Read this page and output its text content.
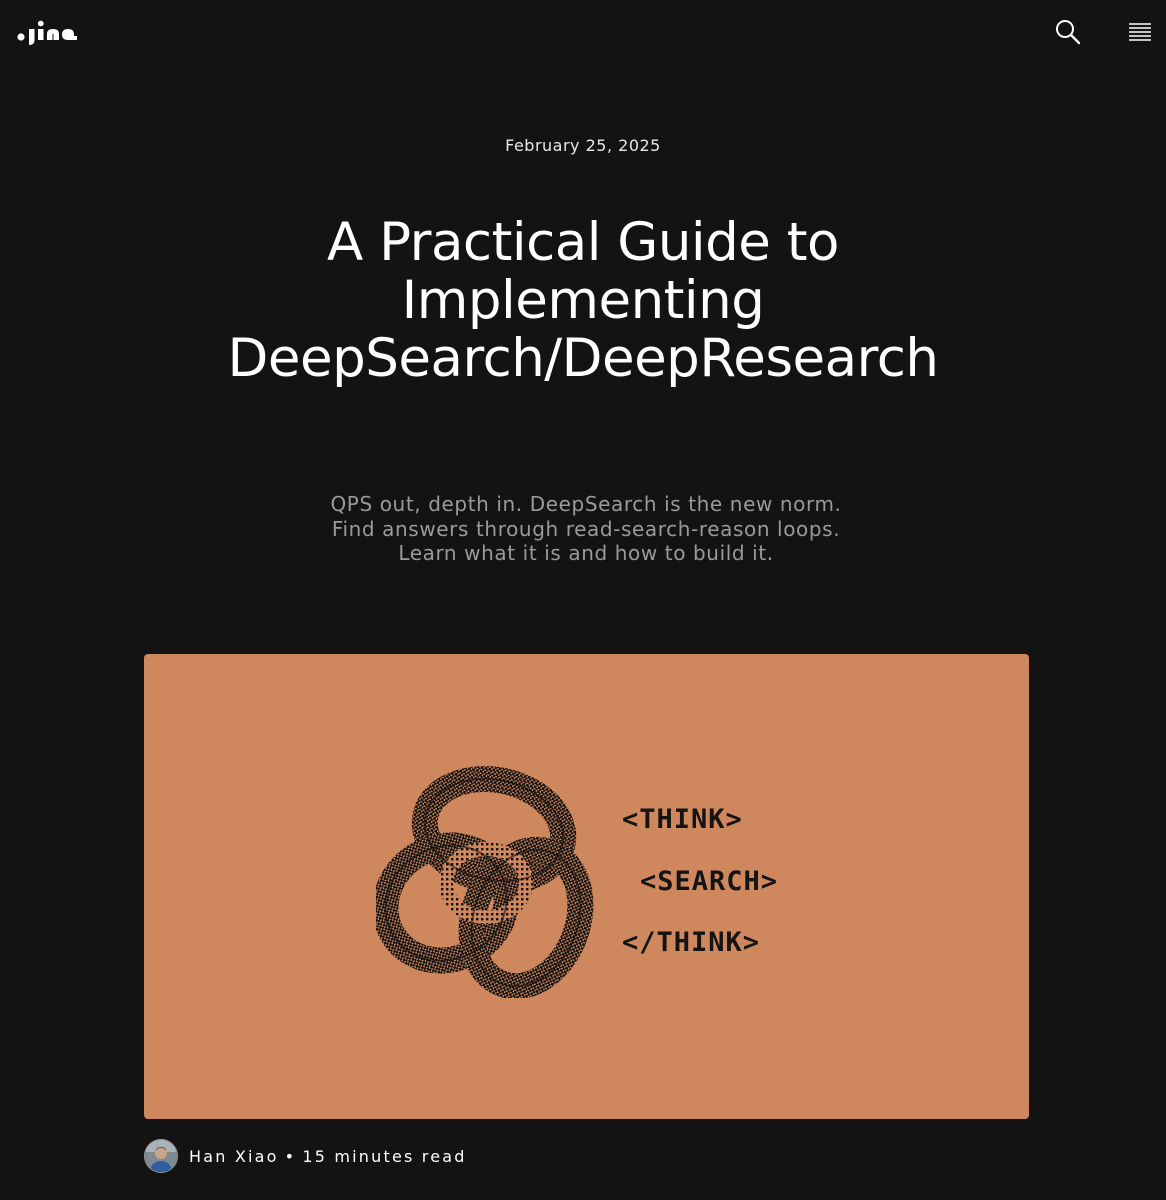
February 25, 2025
A Practical Guide to
Implementing
DeepSearch/DeepResearch

QPS out, depth in. DeepSearch is the new norm. Find answers through read-search-reason loops. Learn what it is and how to build it.

<THINK>
<SEARCH>
</THINK>
Han Xiao • 15 minutes read
